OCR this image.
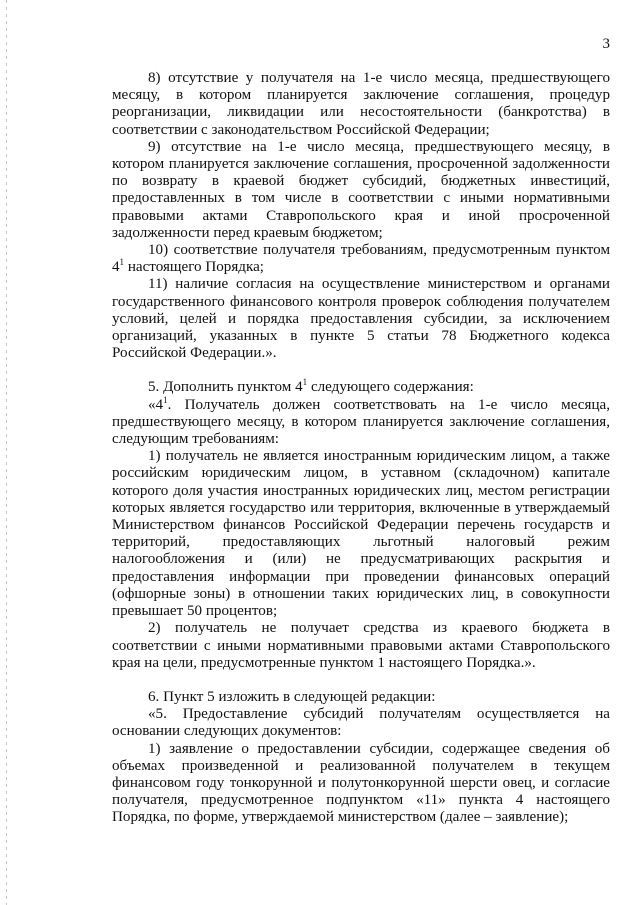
3

8) отсутствие у получателя на 1-е число месяца, предшествующего месяцу, в котором планируется заключение соглашения, процедур реорганизации, ликвидации или несостоятельности (банкротства) в соответствии с законодательством Российской Федерации;

9) отсутствие на 1-е число месяца, предшествующего месяцу, в котором планируется заключение соглашения, просроченной задолженности по возврату в краевой бюджет субсидий, бюджетных инвестиций, предоставленных в том числе в соответствии с иными нормативными правовыми актами Ставропольского края и иной просроченной задолженности перед краевым бюджетом;

10) соответствие получателя требованиям, предусмотренным пунктом $4^1$ настоящего Порядка;

11) наличие согласия на осуществление министерством и органами государственного финансового контроля проверок соблюдения получателем условий, целей и порядка предоставления субсидии, за исключением организаций, указанных в пункте 5 статьи 78 Бюджетного кодекса Российской Федерации.».

5. Дополнить пунктом $4^1$ следующего содержания:

«$4^1$. Получатель должен соответствовать на 1-е число месяца, предшествующего месяцу, в котором планируется заключение соглашения, следующим требованиям:

1) получатель не является иностранным юридическим лицом, а также российским юридическим лицом, в уставном (складочном) капитале которого доля участия иностранных юридических лиц, местом регистрации которых является государство или территория, включенные в утверждаемый Министерством финансов Российской Федерации перечень государств и территорий, предоставляющих льготный налоговый режим налогообложения и (или) не предусматривающих раскрытия и предоставления информации при проведении финансовых операций (офшорные зоны) в отношении таких юридических лиц, в совокупности превышает 50 процентов;

2) получатель не получает средства из краевого бюджета в соответствии с иными нормативными правовыми актами Ставропольского края на цели, предусмотренные пунктом 1 настоящего Порядка.».

6. Пункт 5 изложить в следующей редакции:

«5. Предоставление субсидий получателям осуществляется на основании следующих документов:

1) заявление о предоставлении субсидии, содержащее сведения об объемах произведенной и реализованной получателем в текущем финансовом году тонкорунной и полутонкорунной шерсти овец, и согласие получателя, предусмотренное подпунктом «11» пункта 4 настоящего Порядка, по форме, утверждаемой министерством (далее – заявление);
